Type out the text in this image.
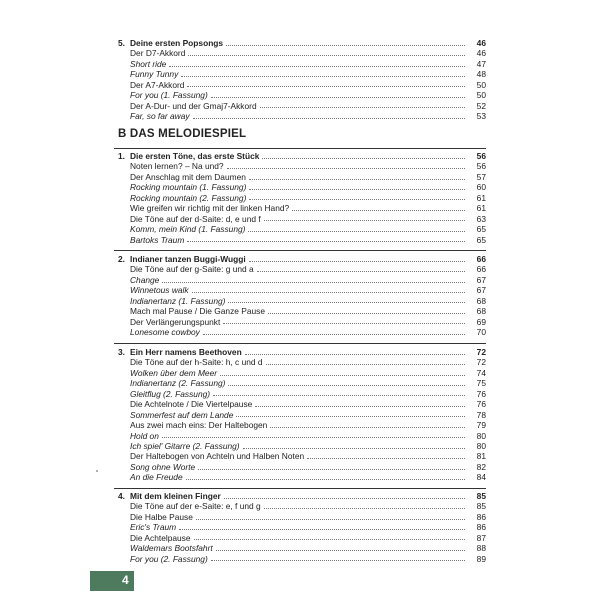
5. Deine ersten Popsongs	46
Der D7-Akkord	46
Short ride	47
Funny Tunny	48
Der A7-Akkord	50
For you (1. Fassung)	50
Der A-Dur- und der Gmaj7-Akkord	52
Far, so far away	53
B DAS MELODIESPIEL
1. Die ersten Töne, das erste Stück	56
Noten lernen? – Na und?	56
Der Anschlag mit dem Daumen	57
Rocking mountain (1. Fassung)	60
Rocking mountain (2. Fassung)	61
Wie greifen wir richtig mit der linken Hand?	61
Die Töne auf der d-Saite: d, e und f	63
Komm, mein Kind (1. Fassung)	65
Bartoks Traum	65
2. Indianer tanzen Buggi-Wuggi	66
Die Töne auf der g-Saite: g und a	66
Change	67
Winnetous walk	67
Indianertanz (1. Fassung)	68
Mach mal Pause / Die Ganze Pause	68
Der Verlängerungspunkt	69
Lonesome cowboy	70
3. Ein Herr namens Beethoven	72
Die Töne auf der h-Saite: h, c und d	72
Wolken über dem Meer	74
Indianertanz (2. Fassung)	75
Gleitflug (2. Fassung)	76
Die Achtelnote / Die Viertelpause	76
Sommerfest auf dem Lande	78
Aus zwei mach eins: Der Haltebogen	79
Hold on	80
Ich spiel' Gitarre (2. Fassung)	80
Der Haltebogen von Achteln und Halben Noten	81
Song ohne Worte	82
An die Freude	84
4. Mit dem kleinen Finger	85
Die Töne auf der e-Saite: e, f und g	85
Die Halbe Pause	86
Eric's Traum	86
Die Achtelpause	87
Waldemars Bootsfahrt	88
For you (2. Fassung)	89
4
